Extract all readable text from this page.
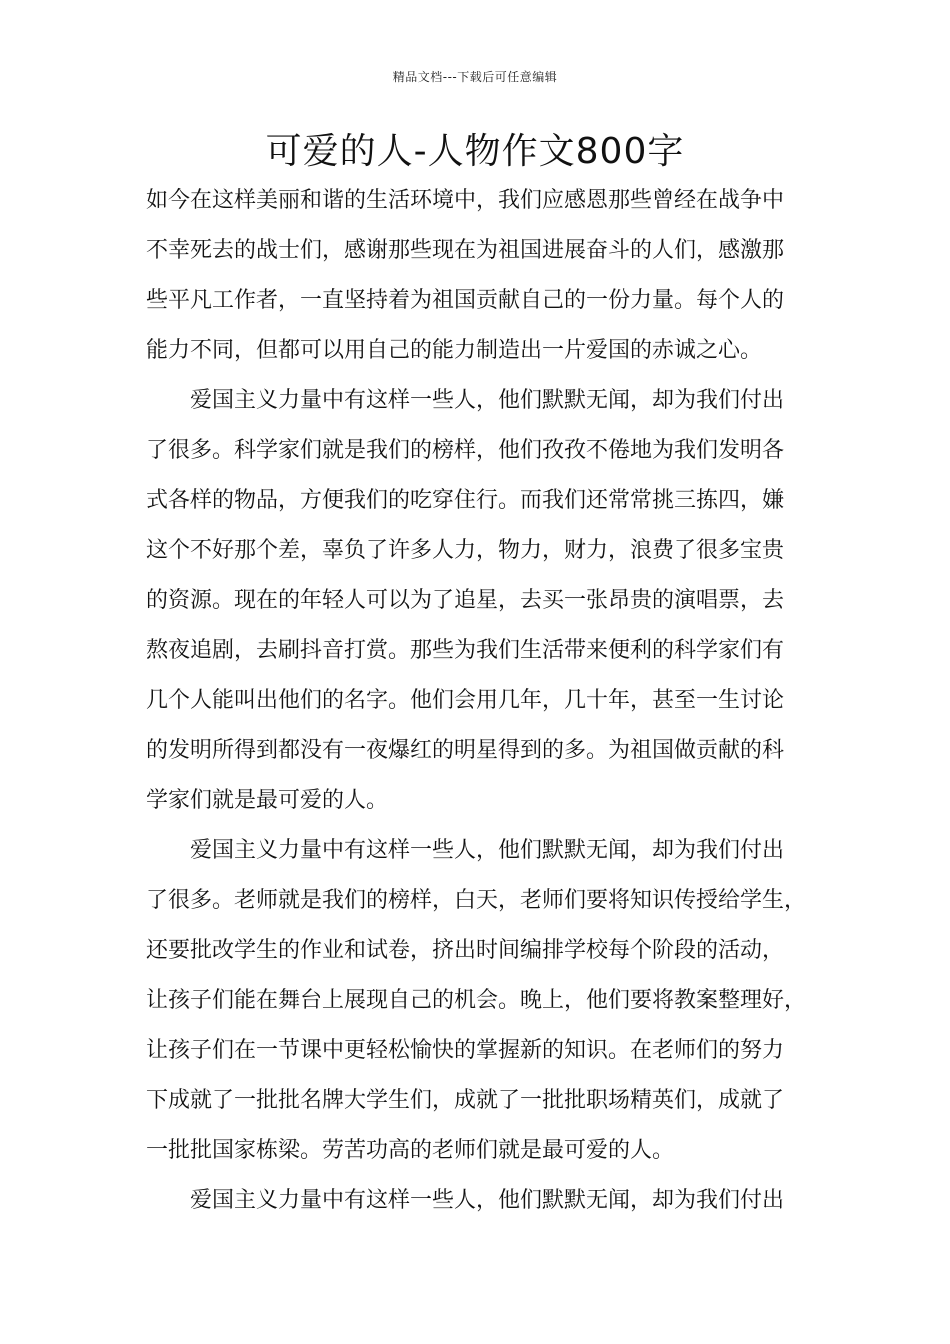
精品文档---下载后可任意编辑
可爱的人-人物作文800字
如今在这样美丽和谐的生活环境中，我们应感恩那些曾经在战争中
不幸死去的战士们，感谢那些现在为祖国进展奋斗的人们，感激那
些平凡工作者，一直坚持着为祖国贡献自己的一份力量。每个人的
能力不同，但都可以用自己的能力制造出一片爱国的赤诚之心。
爱国主义力量中有这样一些人，他们默默无闻，却为我们付出
了很多。科学家们就是我们的榜样，他们孜孜不倦地为我们发明各
式各样的物品，方便我们的吃穿住行。而我们还常常挑三拣四，嫌
这个不好那个差，辜负了许多人力，物力，财力，浪费了很多宝贵
的资源。现在的年轻人可以为了追星，去买一张昂贵的演唱票，去
熬夜追剧，去刷抖音打赏。那些为我们生活带来便利的科学家们有
几个人能叫出他们的名字。他们会用几年，几十年，甚至一生讨论
的发明所得到都没有一夜爆红的明星得到的多。为祖国做贡献的科
学家们就是最可爱的人。
爱国主义力量中有这样一些人，他们默默无闻，却为我们付出
了很多。老师就是我们的榜样，白天，老师们要将知识传授给学生，
还要批改学生的作业和试卷，挤出时间编排学校每个阶段的活动，
让孩子们能在舞台上展现自己的机会。晚上，他们要将教案整理好，
让孩子们在一节课中更轻松愉快的掌握新的知识。在老师们的努力
下成就了一批批名牌大学生们，成就了一批批职场精英们，成就了
一批批国家栋梁。劳苦功高的老师们就是最可爱的人。
爱国主义力量中有这样一些人，他们默默无闻，却为我们付出
